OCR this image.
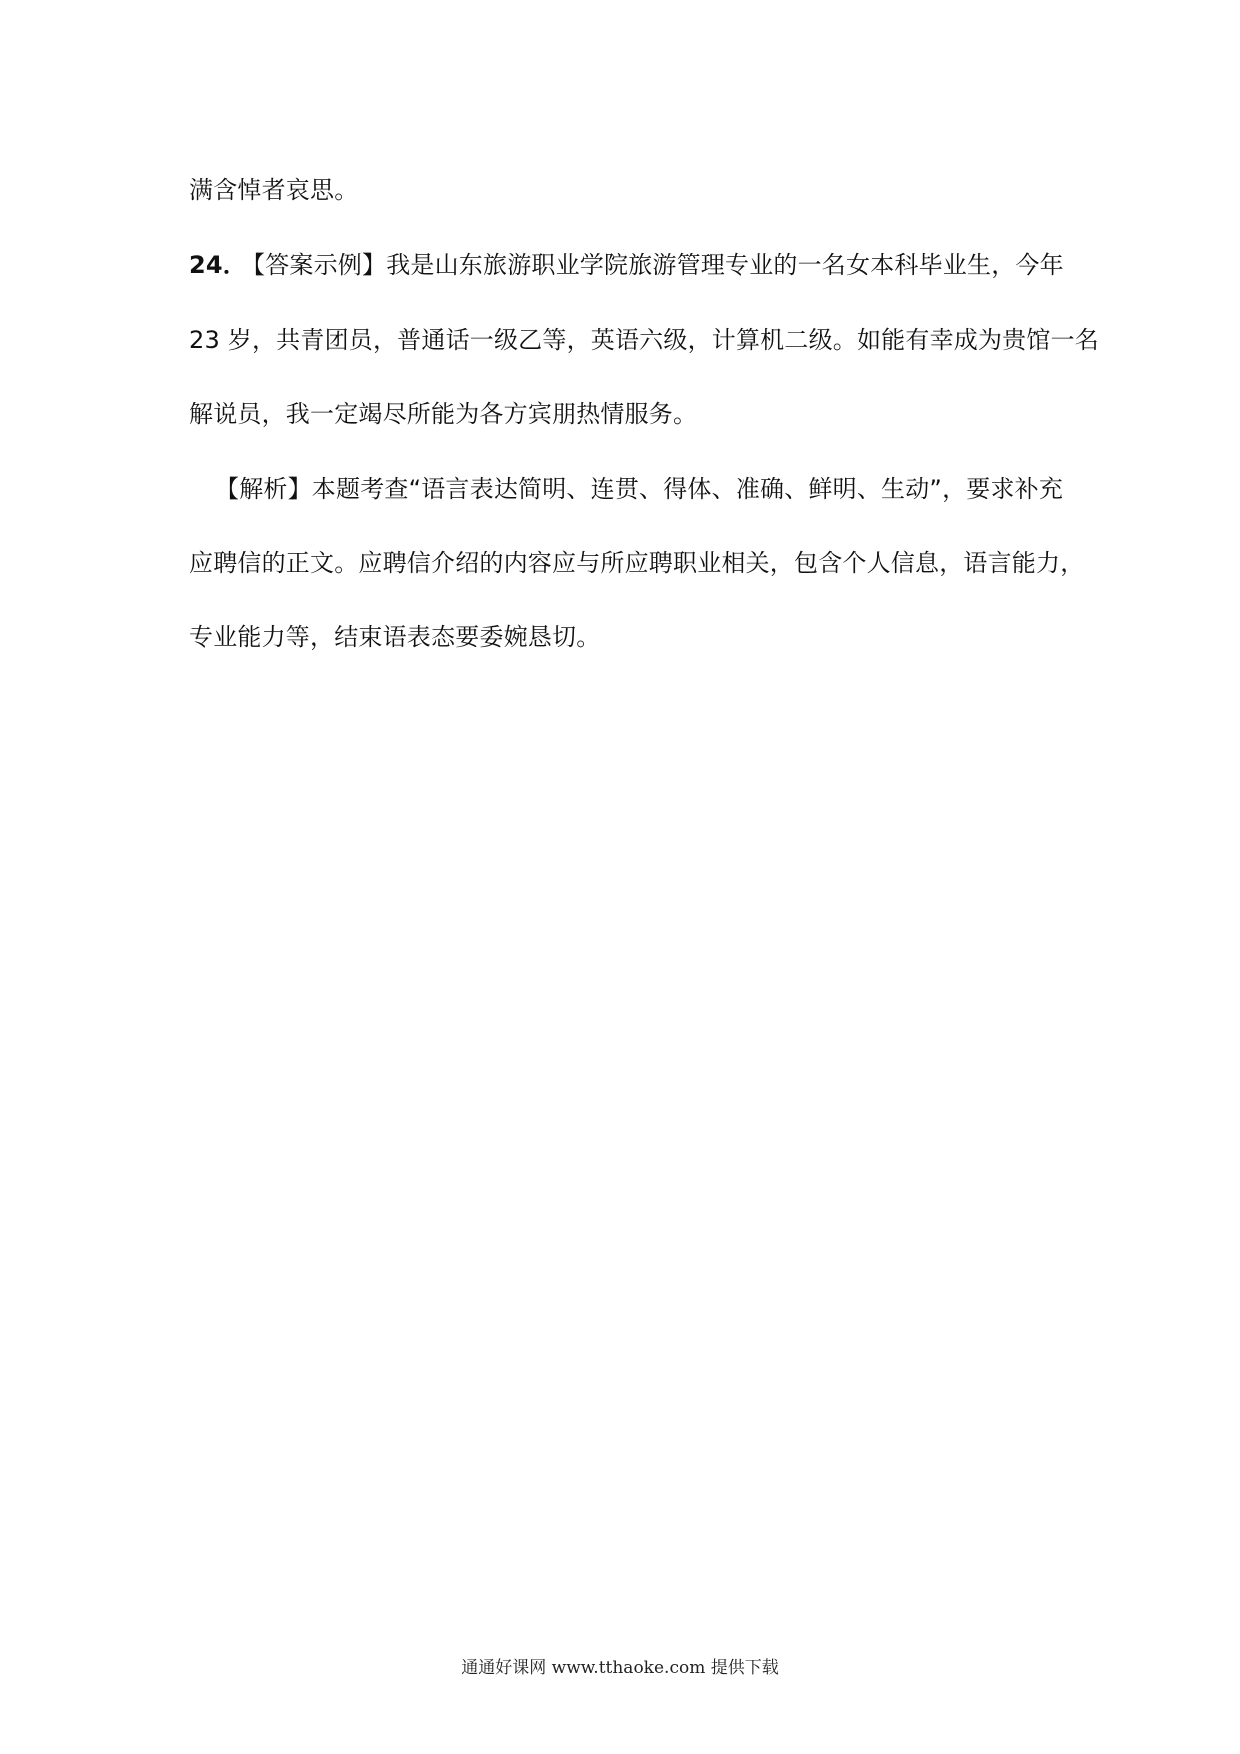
满含悼者哀思。
24． 【答案示例】我是山东旅游职业学院旅游管理专业的一名女本科毕业生，今年
23 岁，共青团员，普通话一级乙等，英语六级，计算机二级。如能有幸成为贵馆一名
解说员，我一定竭尽所能为各方宾朋热情服务。
【解析】本题考查“语言表达简明、连贯、得体、准确、鲜明、生动”，要求补充
应聘信的正文。应聘信介绍的内容应与所应聘职业相关，包含个人信息，语言能力，
专业能力等，结束语表态要委婉恳切。
通通好课网 www.tthaoke.com 提供下载
